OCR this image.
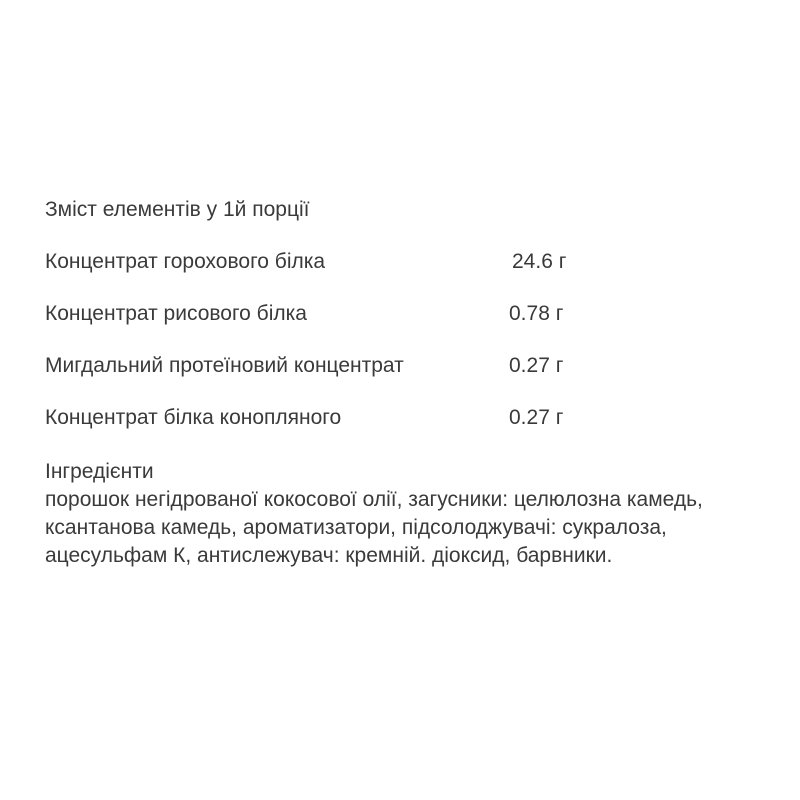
Зміст елементів у 1й порції
Концентрат горохового білка	24.6 г
Концентрат рисового білка	0.78 г
Мигдальний протеїновий концентрат	0.27 г
Концентрат білка конопляного	0.27 г
Інгредієнти
порошок негідрованої кокосової олії, загусники: целюлозна камедь, ксантанова камедь, ароматизатори, підсолоджувачі: сукралоза, ацесульфам К, антислежувач: кремній. діоксид, барвники.
